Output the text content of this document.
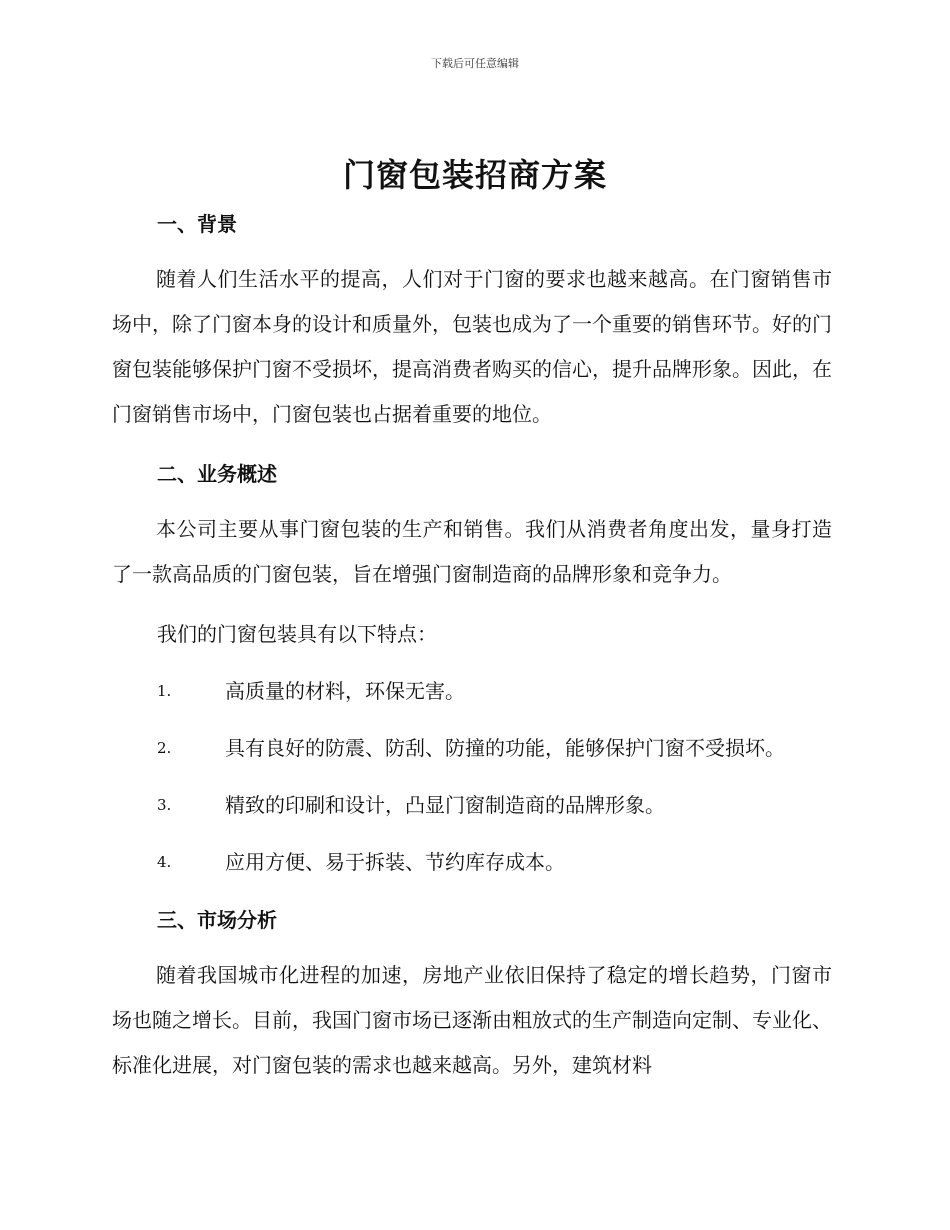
下载后可任意编辑
门窗包装招商方案
一、背景
随着人们生活水平的提高，人们对于门窗的要求也越来越高。在门窗销售市场中，除了门窗本身的设计和质量外，包装也成为了一个重要的销售环节。好的门窗包装能够保护门窗不受损坏，提高消费者购买的信心，提升品牌形象。因此，在门窗销售市场中，门窗包装也占据着重要的地位。
二、业务概述
本公司主要从事门窗包装的生产和销售。我们从消费者角度出发，量身打造了一款高品质的门窗包装，旨在增强门窗制造商的品牌形象和竞争力。
我们的门窗包装具有以下特点：
1.	高质量的材料，环保无害。
2.	具有良好的防震、防刮、防撞的功能，能够保护门窗不受损坏。
3.	精致的印刷和设计，凸显门窗制造商的品牌形象。
4.	应用方便、易于拆装、节约库存成本。
三、市场分析
随着我国城市化进程的加速，房地产业依旧保持了稳定的增长趋势，门窗市场也随之增长。目前，我国门窗市场已逐渐由粗放式的生产制造向定制、专业化、标准化进展，对门窗包装的需求也越来越高。另外，建筑材料
